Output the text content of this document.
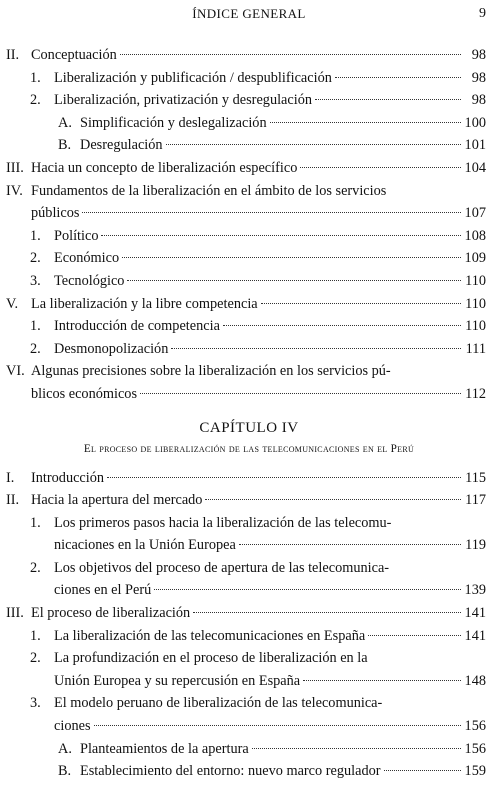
ÍNDICE GENERAL	9
II. Conceptuación	98
1. Liberalización y publificación / despublificación	98
2. Liberalización, privatización y desregulación	98
A. Simplificación y deslegalización	100
B. Desregulación	101
III. Hacia un concepto de liberalización específico	104
IV. Fundamentos de la liberalización en el ámbito de los servicios
públicos	107
1. Político	108
2. Económico	109
3. Tecnológico	110
V. La liberalización y la libre competencia	110
1. Introducción de competencia	110
2. Desmonopolización	111
VI. Algunas precisiones sobre la liberalización en los servicios pú-
blicos económicos	112
CAPÍTULO IV
El proceso de liberalización de las telecomunicaciones en el Perú
I.	Introducción	115
II. Hacia la apertura del mercado	117
1. Los primeros pasos hacia la liberalización de las telecomu-
nicaciones en la Unión Europea	119
2. Los objetivos del proceso de apertura de las telecomunica-
ciones en el Perú	139
III. El proceso de liberalización	141
1. La liberalización de las telecomunicaciones en España	141
2. La profundización en el proceso de liberalización en la
Unión Europea y su repercusión en España	148
3. El modelo peruano de liberalización de las telecomunica-
ciones	156
A. Planteamientos de la apertura	156
B. Establecimiento del entorno: nuevo marco regulador	159
